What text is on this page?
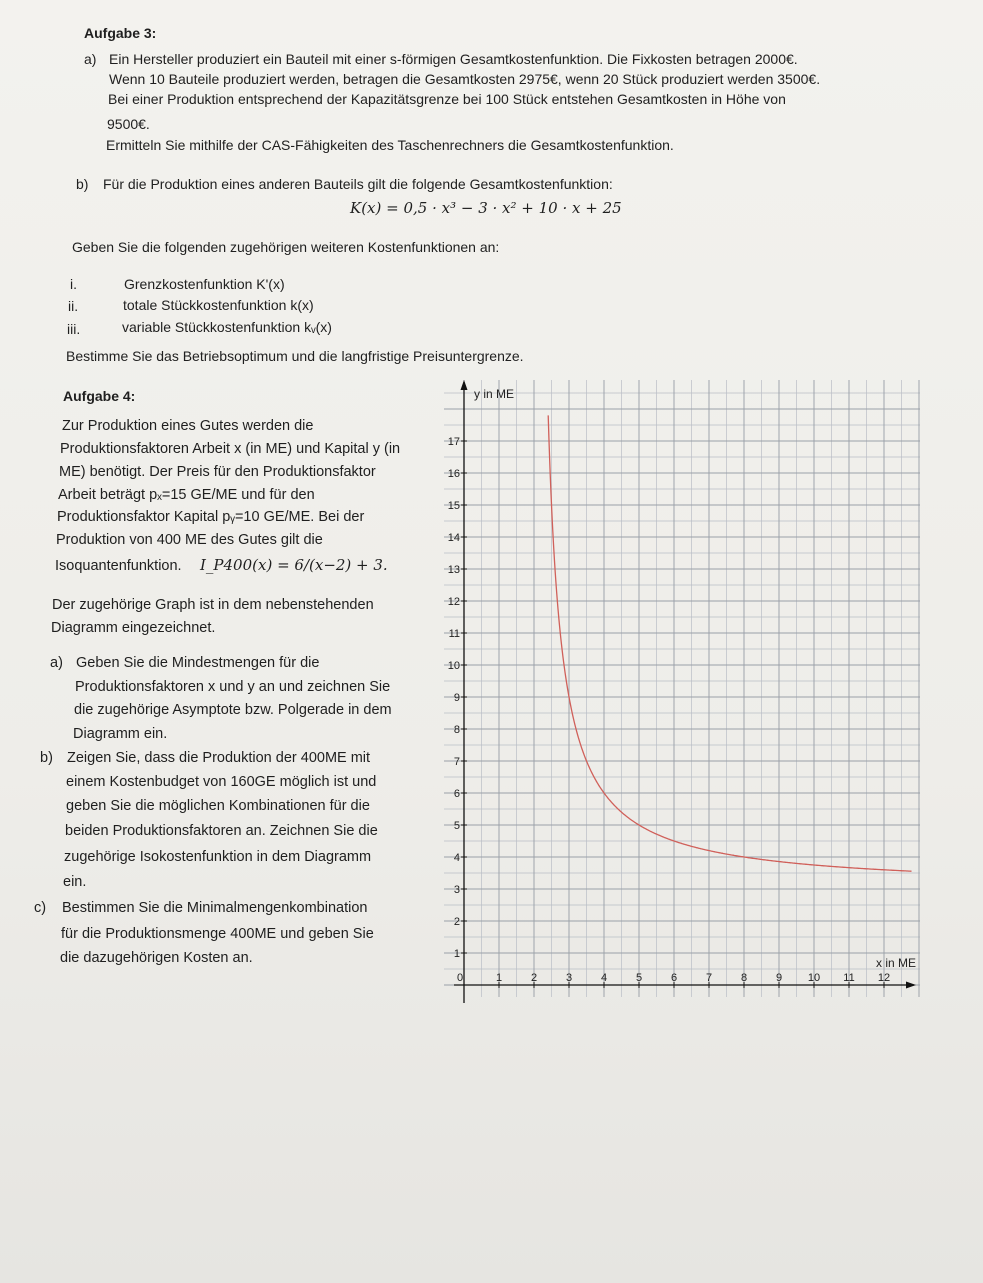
Aufgabe 3:
a) Ein Hersteller produziert ein Bauteil mit einer s-förmigen Gesamtkostenfunktion. Die Fixkosten betragen 2000€.
Wenn 10 Bauteile produziert werden, betragen die Gesamtkosten 2975€, wenn 20 Stück produziert werden 3500€.
Bei einer Produktion entsprechend der Kapazitätsgrenze bei 100 Stück entstehen Gesamtkosten in Höhe von
9500€.
Ermitteln Sie mithilfe der CAS-Fähigkeiten des Taschenrechners die Gesamtkostenfunktion.
b) Für die Produktion eines anderen Bauteils gilt die folgende Gesamtkostenfunktion:
K(x) = 0,5 · x³ − 3 · x² + 10 · x + 25
Geben Sie die folgenden zugehörigen weiteren Kostenfunktionen an:
i.	Grenzkostenfunktion K'(x)
ii.	totale Stückkostenfunktion k(x)
iii.	variable Stückkostenfunktion kᵥ(x)
Bestimme Sie das Betriebsoptimum und die langfristige Preisuntergrenze.
Aufgabe 4:
Zur Produktion eines Gutes werden die
Produktionsfaktoren Arbeit x (in ME) und Kapital y (in
ME) benötigt. Der Preis für den Produktionsfaktor
Arbeit beträgt pₓ=15 GE/ME und für den
Produktionsfaktor Kapital pᵧ=10 GE/ME. Bei der
Produktion von 400 ME des Gutes gilt die
Isoquantenfunktion. I_P400(x) = 6/(x−2) + 3.
Der zugehörige Graph ist in dem nebenstehenden
Diagramm eingezeichnet.
a) Geben Sie die Mindestmengen für die
Produktionsfaktoren x und y an und zeichnen Sie
die zugehörige Asymptote bzw. Polgerade in dem
Diagramm ein.
b) Zeigen Sie, dass die Produktion der 400ME mit
einem Kostenbudget von 160GE möglich ist und
geben Sie die möglichen Kombinationen für die
beiden Produktionsfaktoren an. Zeichnen Sie die
zugehörige Isokostenfunktion in dem Diagramm
ein.
c) Bestimmen Sie die Minimalmengenkombination
für die Produktionsmenge 400ME und geben Sie
die dazugehörigen Kosten an.
0	1	2	3	4	5	6	7	8	9 10 11 12
1
2
3
4
5
6
7
8
9
10
11
12
13
14
15
16
17
x in ME
y in ME
